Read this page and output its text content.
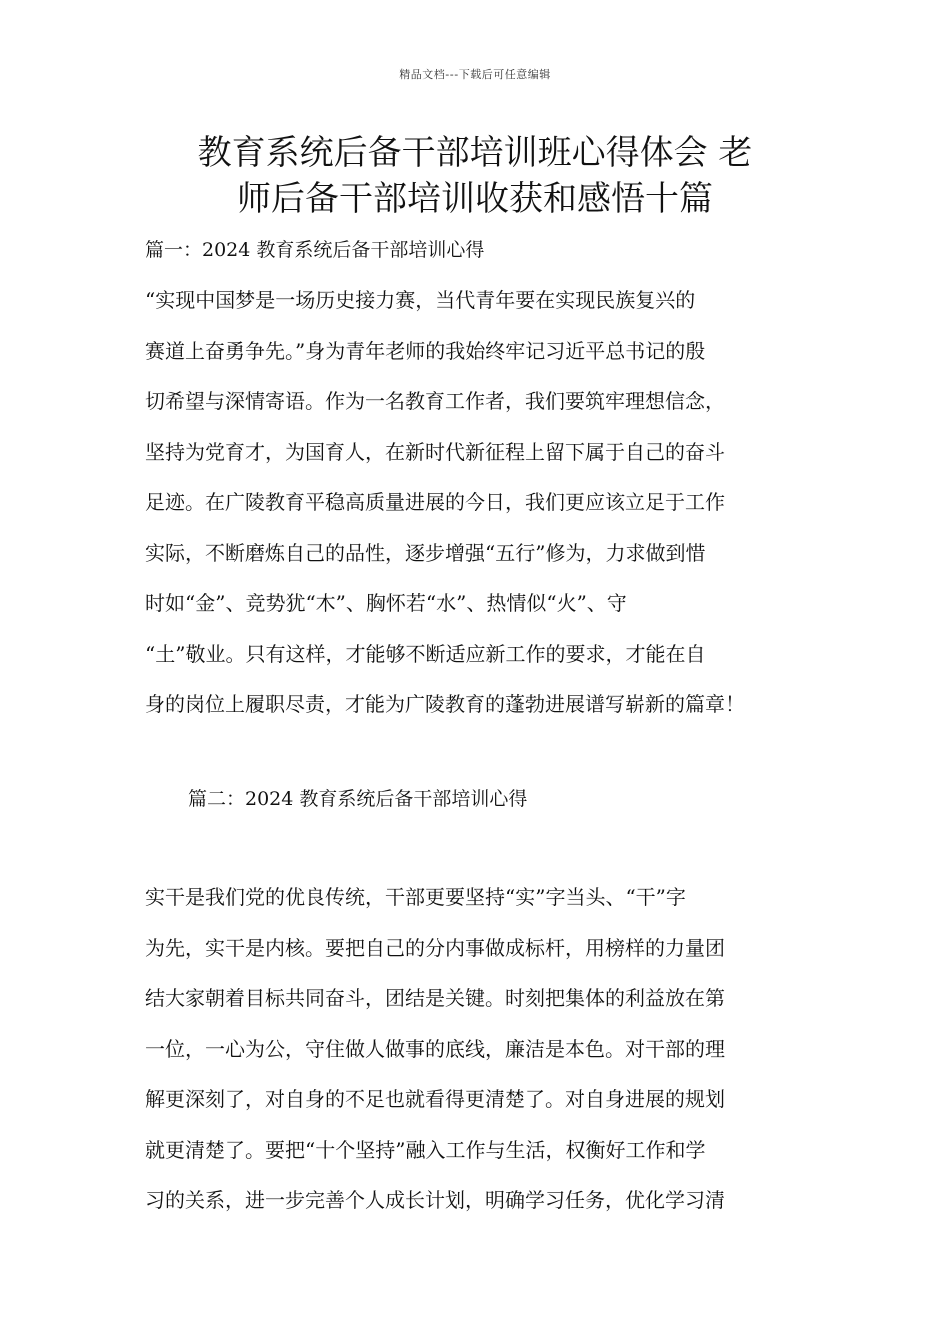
精品文档---下载后可任意编辑
教育系统后备干部培训班心得体会 老
师后备干部培训收获和感悟十篇
篇一：2024 教育系统后备干部培训心得
“实现中国梦是一场历史接力赛，当代青年要在实现民族复兴的
赛道上奋勇争先。”身为青年老师的我始终牢记习近平总书记的殷
切希望与深情寄语。作为一名教育工作者，我们要筑牢理想信念，
坚持为党育才，为国育人，在新时代新征程上留下属于自己的奋斗
足迹。在广陵教育平稳高质量进展的今日，我们更应该立足于工作
实际，不断磨炼自己的品性，逐步增强“五行”修为，力求做到惜
时如“金”、竞势犹“木”、胸怀若“水”、热情似“火”、守
“土”敬业。只有这样，才能够不断适应新工作的要求，才能在自
身的岗位上履职尽责，才能为广陵教育的蓬勃进展谱写崭新的篇章！
篇二：2024 教育系统后备干部培训心得
实干是我们党的优良传统，干部更要坚持“实”字当头、“干”字
为先，实干是内核。要把自己的分内事做成标杆，用榜样的力量团
结大家朝着目标共同奋斗，团结是关键。时刻把集体的利益放在第
一位，一心为公，守住做人做事的底线，廉洁是本色。对干部的理
解更深刻了，对自身的不足也就看得更清楚了。对自身进展的规划
就更清楚了。要把“十个坚持”融入工作与生活，权衡好工作和学
习的关系，进一步完善个人成长计划，明确学习任务，优化学习清
